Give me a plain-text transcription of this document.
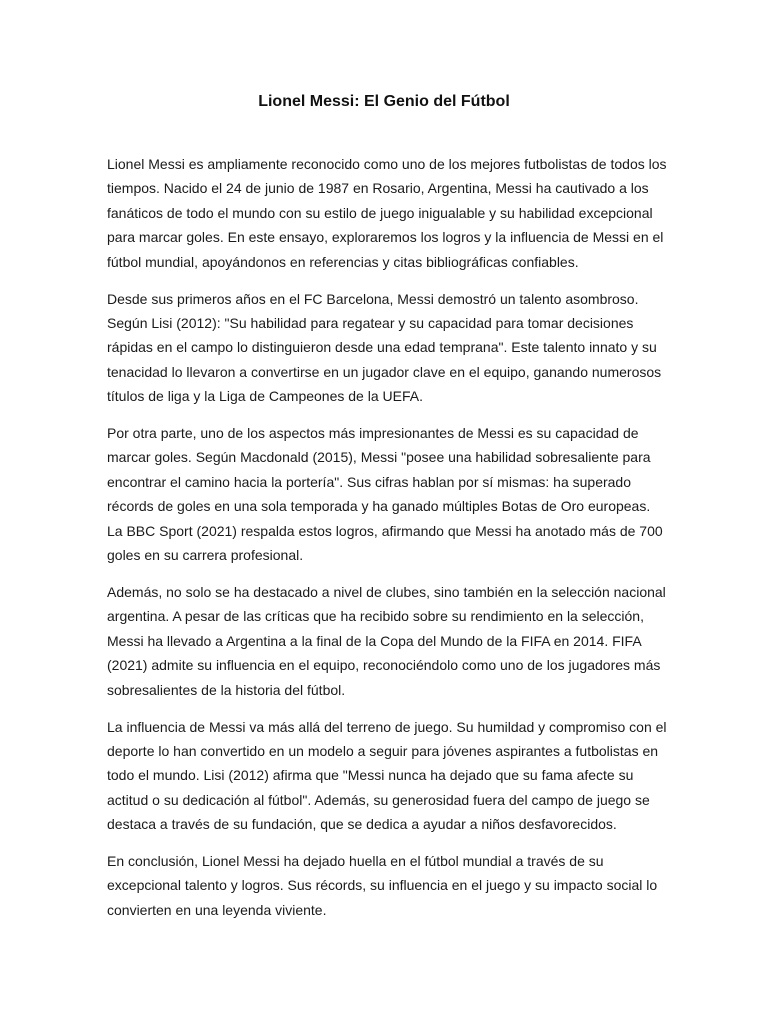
Lionel Messi: El Genio del Fútbol

Lionel Messi es ampliamente reconocido como uno de los mejores futbolistas de todos los tiempos. Nacido el 24 de junio de 1987 en Rosario, Argentina, Messi ha cautivado a los fanáticos de todo el mundo con su estilo de juego inigualable y su habilidad excepcional para marcar goles. En este ensayo, exploraremos los logros y la influencia de Messi en el fútbol mundial, apoyándonos en referencias y citas bibliográficas confiables.

Desde sus primeros años en el FC Barcelona, Messi demostró un talento asombroso. Según Lisi (2012): "Su habilidad para regatear y su capacidad para tomar decisiones rápidas en el campo lo distinguieron desde una edad temprana". Este talento innato y su tenacidad lo llevaron a convertirse en un jugador clave en el equipo, ganando numerosos títulos de liga y la Liga de Campeones de la UEFA.

Por otra parte, uno de los aspectos más impresionantes de Messi es su capacidad de marcar goles. Según Macdonald (2015), Messi "posee una habilidad sobresaliente para encontrar el camino hacia la portería". Sus cifras hablan por sí mismas: ha superado récords de goles en una sola temporada y ha ganado múltiples Botas de Oro europeas. La BBC Sport (2021) respalda estos logros, afirmando que Messi ha anotado más de 700 goles en su carrera profesional.

Además, no solo se ha destacado a nivel de clubes, sino también en la selección nacional argentina. A pesar de las críticas que ha recibido sobre su rendimiento en la selección, Messi ha llevado a Argentina a la final de la Copa del Mundo de la FIFA en 2014. FIFA (2021) admite su influencia en el equipo, reconociéndolo como uno de los jugadores más sobresalientes de la historia del fútbol.

La influencia de Messi va más allá del terreno de juego. Su humildad y compromiso con el deporte lo han convertido en un modelo a seguir para jóvenes aspirantes a futbolistas en todo el mundo. Lisi (2012) afirma que "Messi nunca ha dejado que su fama afecte su actitud o su dedicación al fútbol". Además, su generosidad fuera del campo de juego se destaca a través de su fundación, que se dedica a ayudar a niños desfavorecidos.

En conclusión, Lionel Messi ha dejado huella en el fútbol mundial a través de su excepcional talento y logros. Sus récords, su influencia en el juego y su impacto social lo convierten en una leyenda viviente.
